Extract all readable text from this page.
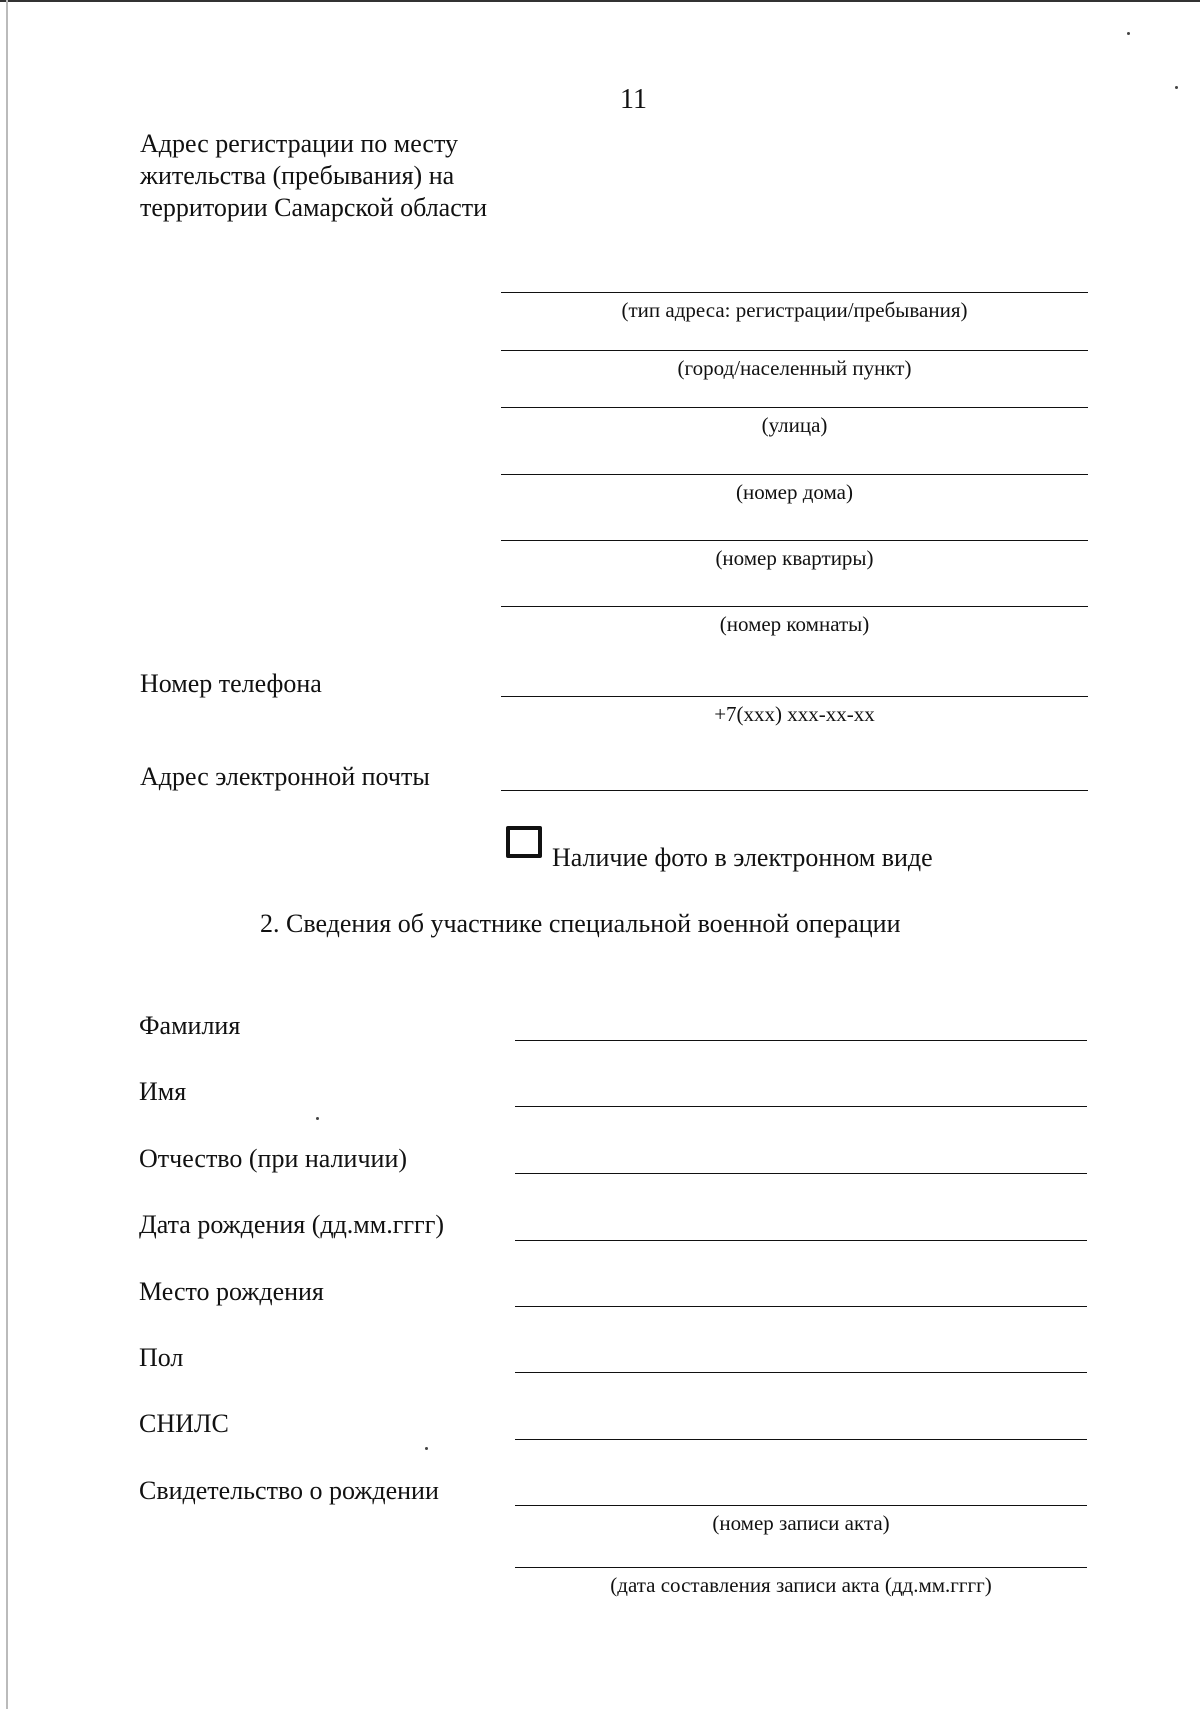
11
Адрес регистрации по месту жительства (пребывания) на территории Самарской области
(тип адреса: регистрации/пребывания)
(город/населенный пункт)
(улица)
(номер дома)
(номер квартиры)
(номер комнаты)
Номер телефона
+7(xxx) xxx-xx-xx
Адрес электронной почты
Наличие фото в электронном виде
2. Сведения об участнике специальной военной операции
Фамилия
Имя
Отчество (при наличии)
Дата рождения (дд.мм.гггг)
Место рождения
Пол
СНИЛС
Свидетельство о рождении
(номер записи акта)
(дата составления записи акта (дд.мм.гггг)
